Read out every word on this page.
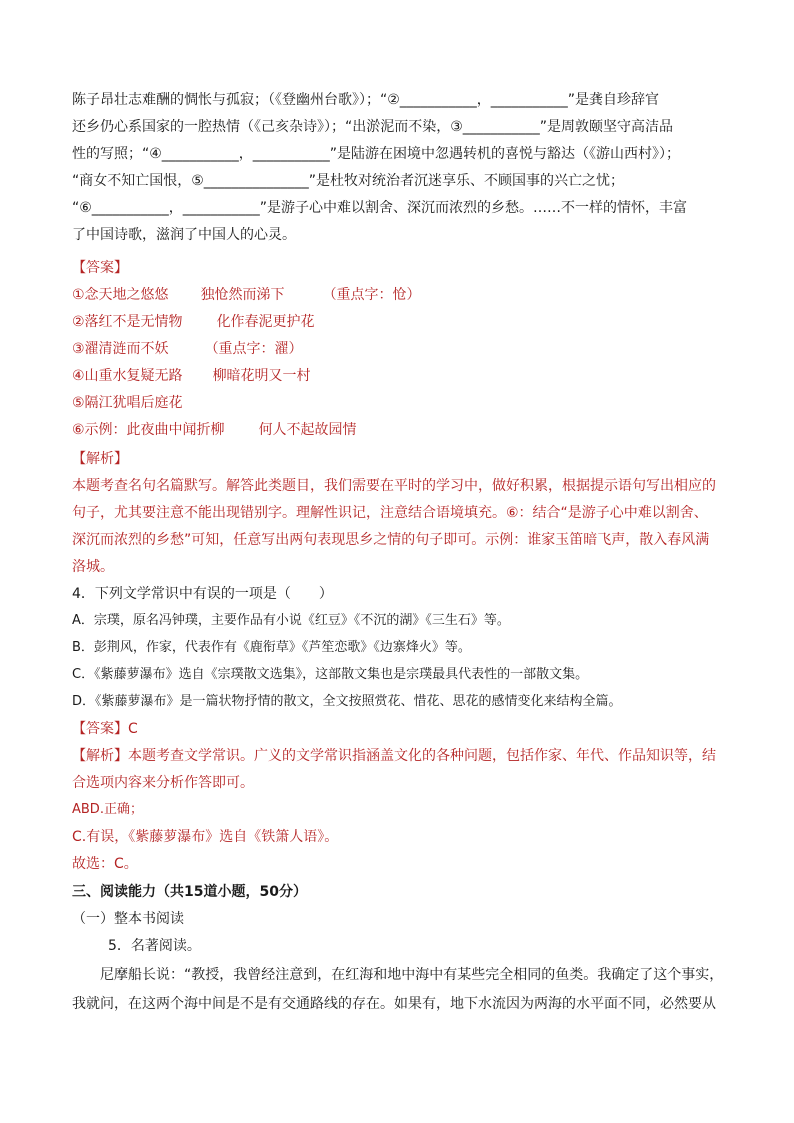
陈子昂壮志难酬的惆怅与孤寂；（《登幽州台歌》）；“②___________，___________”是龚自珍辞官
还乡仍心系国家的一腔热情（《己亥杂诗》）；“出淤泥而不染，③___________”是周敦颐坚守高洁品
性的写照；“④___________，___________”是陆游在困境中忽遇转机的喜悦与豁达（《游山西村》）；
“商女不知亡国恨，⑤_______________”是杜牧对统治者沉迷享乐、不顾国事的兴亡之忧；
“⑥___________，___________”是游子心中难以割舍、深沉而浓烈的乡愁。……不一样的情怀，丰富
了中国诗歌，滋润了中国人的心灵。
【答案】
①念天地之悠悠 独怆然而涕下	（重点字：怆）
②落红不是无情物 化作春泥更护花
③濯清涟而不妖	（重点字：濯）
④山重水复疑无路 柳暗花明又一村
⑤隔江犹唱后庭花
⑥示例：此夜曲中闻折柳 何人不起故园情
【解析】
本题考查名句名篇默写。解答此类题目，我们需要在平时的学习中，做好积累，根据提示语句写出相应的
句子，尤其要注意不能出现错别字。理解性识记，注意结合语境填充。⑥：结合“是游子心中难以割舍、
深沉而浓烈的乡愁”可知，任意写出两句表现思乡之情的句子即可。示例：谁家玉笛暗飞声，散入春风满
洛城。
4．下列文学常识中有误的一项是（　　）
A．宗璞，原名冯钟璞，主要作品有小说《红豆》《不沉的湖》《三生石》等。
B．彭荆风，作家，代表作有《鹿衔草》《芦笙恋歌》《边寨烽火》等。
C．《紫藤萝瀑布》选自《宗璞散文选集》，这部散文集也是宗璞最具代表性的一部散文集。
D．《紫藤萝瀑布》是一篇状物抒情的散文，全文按照赏花、惜花、思花的感情变化来结构全篇。
【答案】C
【解析】本题考查文学常识。广义的文学常识指涵盖文化的各种问题，包括作家、年代、作品知识等，结
合选项内容来分析作答即可。
ABD.正确；
C.有误，《紫藤萝瀑布》选自《铁箫人语》。
故选：C。
三、阅读能力（共15道小题，50分）
（一）整本书阅读
5．名著阅读。
尼摩船长说：“教授，我曾经注意到，在红海和地中海中有某些完全相同的鱼类。我确定了这个事实，
我就问，在这两个海中间是不是有交通路线的存在。如果有，地下水流因为两海的水平面不同，必然要从
